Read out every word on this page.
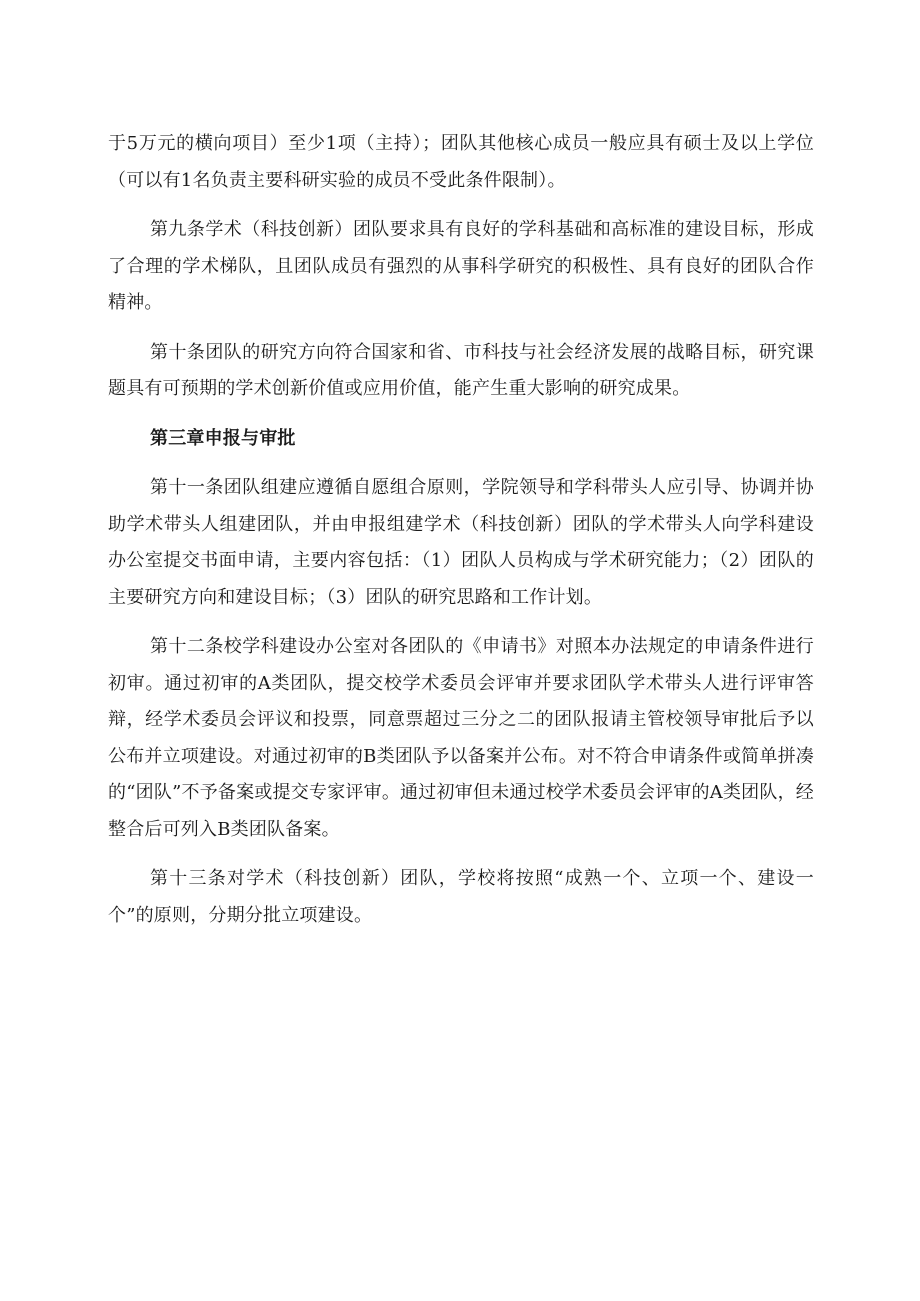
于5万元的横向项目）至少1项（主持）；团队其他核心成员一般应具有硕士及以上学位（可以有1名负责主要科研实验的成员不受此条件限制）。

第九条学术（科技创新）团队要求具有良好的学科基础和高标准的建设目标，形成了合理的学术梯队，且团队成员有强烈的从事科学研究的积极性、具有良好的团队合作精神。

第十条团队的研究方向符合国家和省、市科技与社会经济发展的战略目标，研究课题具有可预期的学术创新价值或应用价值，能产生重大影响的研究成果。

第三章申报与审批

第十一条团队组建应遵循自愿组合原则，学院领导和学科带头人应引导、协调并协助学术带头人组建团队，并由申报组建学术（科技创新）团队的学术带头人向学科建设办公室提交书面申请，主要内容包括：（1）团队人员构成与学术研究能力；（2）团队的主要研究方向和建设目标；（3）团队的研究思路和工作计划。

第十二条校学科建设办公室对各团队的《申请书》对照本办法规定的申请条件进行初审。通过初审的A类团队，提交校学术委员会评审并要求团队学术带头人进行评审答辩，经学术委员会评议和投票，同意票超过三分之二的团队报请主管校领导审批后予以公布并立项建设。对通过初审的B类团队予以备案并公布。对不符合申请条件或简单拼凑的“团队”不予备案或提交专家评审。通过初审但未通过校学术委员会评审的A类团队，经整合后可列入B类团队备案。

第十三条对学术（科技创新）团队，学校将按照“成熟一个、立项一个、建设一个”的原则，分期分批立项建设。
